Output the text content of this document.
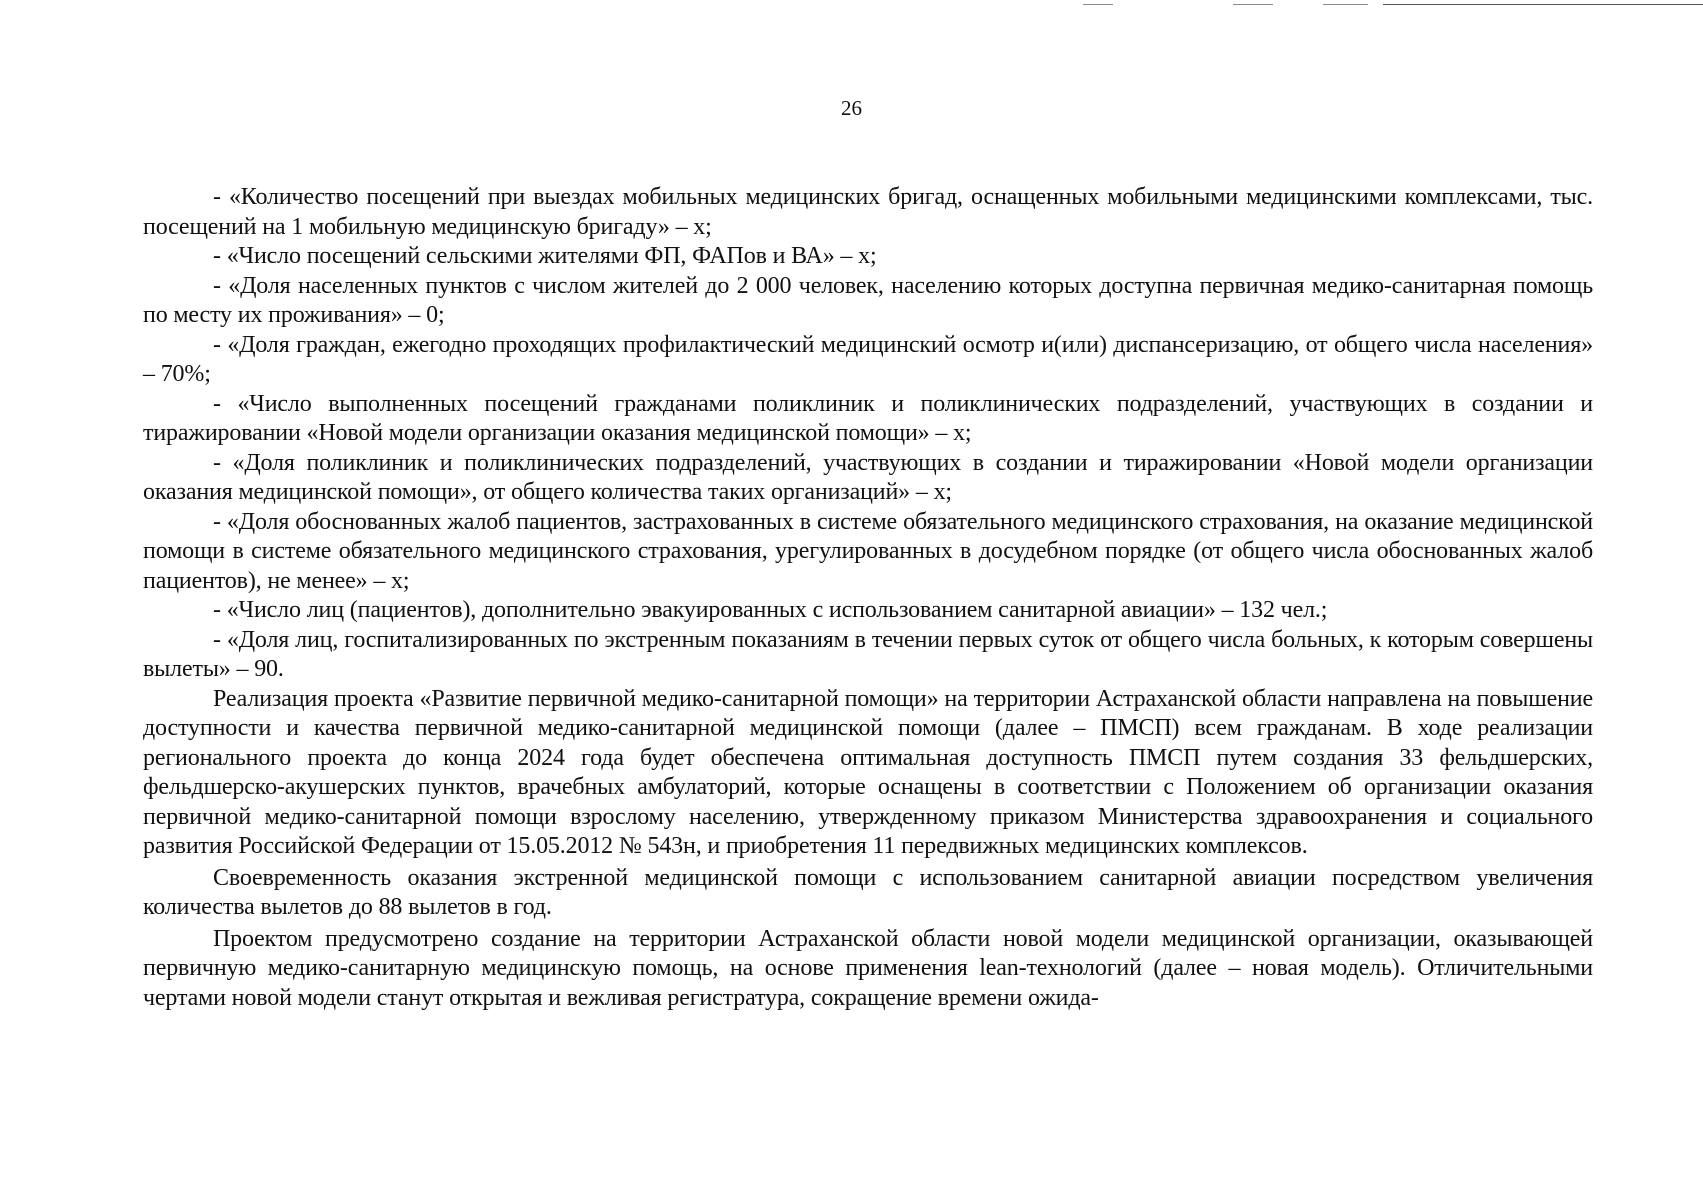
26

- «Количество посещений при выездах мобильных медицинских бригад, оснащенных мобильными медицинскими комплексами, тыс. посещений на 1 мобильную медицинскую бригаду» – х;

- «Число посещений сельскими жителями ФП, ФАПов и ВА» – х;

- «Доля населенных пунктов с числом жителей до 2 000 человек, населению которых доступна первичная медико-санитарная помощь по месту их проживания» – 0;

- «Доля граждан, ежегодно проходящих профилактический медицинский осмотр и(или) диспансеризацию, от общего числа населения» – 70%;

- «Число выполненных посещений гражданами поликлиник и поликлинических подразделений, участвующих в создании и тиражировании «Новой модели организации оказания медицинской помощи» – х;

- «Доля поликлиник и поликлинических подразделений, участвующих в создании и тиражировании «Новой модели организации оказания медицинской помощи», от общего количества таких организаций» – х;

- «Доля обоснованных жалоб пациентов, застрахованных в системе обязательного медицинского страхования, на оказание медицинской помощи в системе обязательного медицинского страхования, урегулированных в досудебном порядке (от общего числа обоснованных жалоб пациентов), не менее» – х;

- «Число лиц (пациентов), дополнительно эвакуированных с использованием санитарной авиации» – 132 чел.;

- «Доля лиц, госпитализированных по экстренным показаниям в течении первых суток от общего числа больных, к которым совершены вылеты» – 90.

Реализация проекта «Развитие первичной медико-санитарной помощи» на территории Астраханской области направлена на повышение доступности и качества первичной медико-санитарной медицинской помощи (далее – ПМСП) всем гражданам. В ходе реализации регионального проекта до конца 2024 года будет обеспечена оптимальная доступность ПМСП путем создания 33 фельдшерских, фельдшерско-акушерских пунктов, врачебных амбулаторий, которые оснащены в соответствии с Положением об организации оказания первичной медико-санитарной помощи взрослому населению, утвержденному приказом Министерства здравоохранения и социального развития Российской Федерации от 15.05.2012 № 543н, и приобретения 11 передвижных медицинских комплексов.

Своевременность оказания экстренной медицинской помощи с использованием санитарной авиации посредством увеличения количества вылетов до 88 вылетов в год.

Проектом предусмотрено создание на территории Астраханской области новой модели медицинской организации, оказывающей первичную медико-санитарную медицинскую помощь, на основе применения lean-технологий (далее – новая модель). Отличительными чертами новой модели станут открытая и вежливая регистратура, сокращение времени ожида-
